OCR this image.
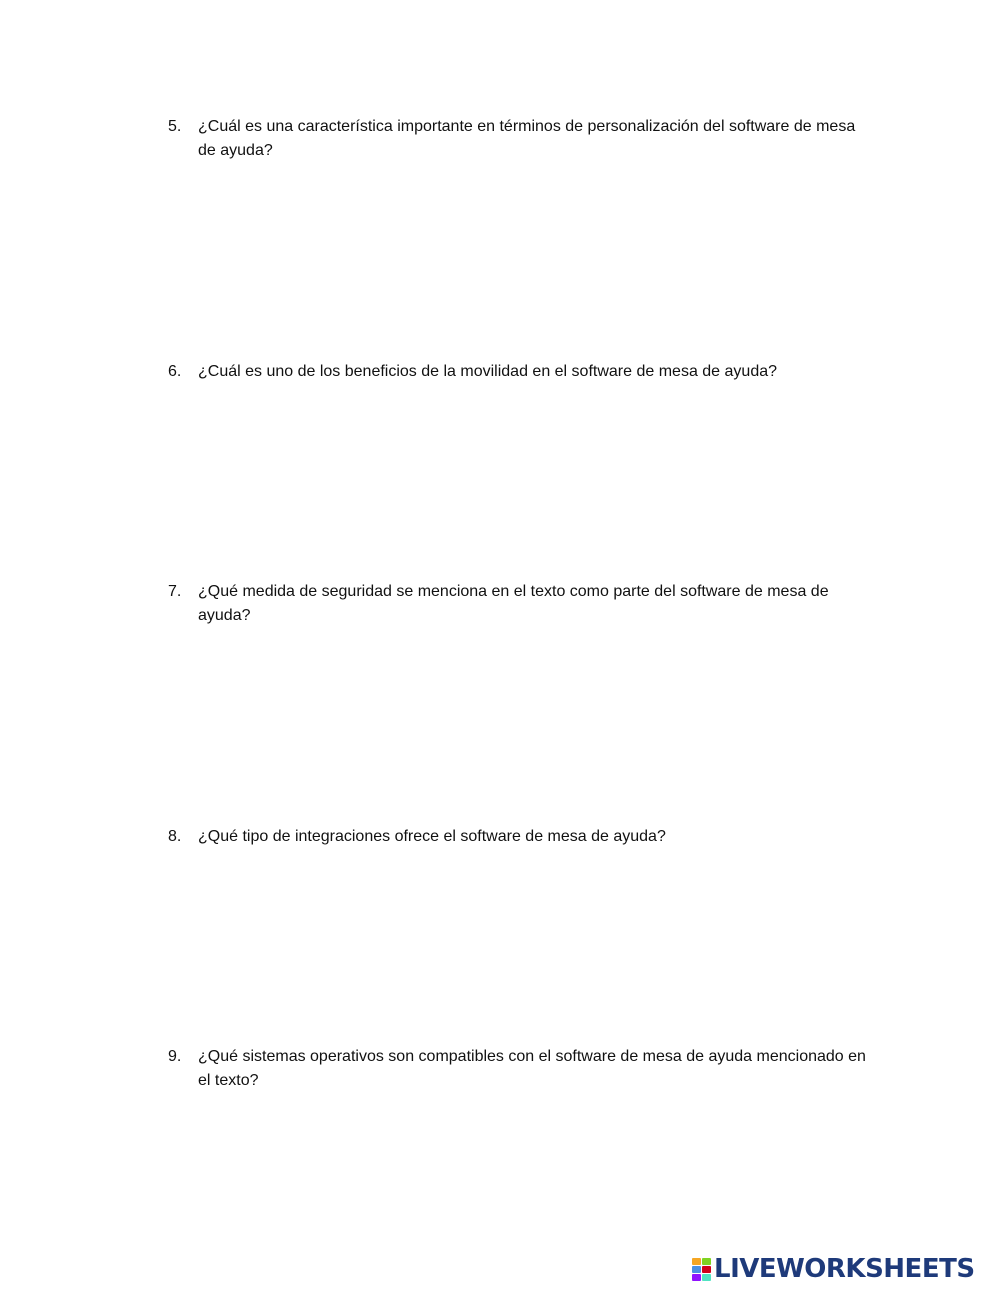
5.	¿Cuál es una característica importante en términos de personalización del software de mesa de ayuda?
6.	¿Cuál es uno de los beneficios de la movilidad en el software de mesa de ayuda?
7.	¿Qué medida de seguridad se menciona en el texto como parte del software de mesa de ayuda?
8.	¿Qué tipo de integraciones ofrece el software de mesa de ayuda?
9.	¿Qué sistemas operativos son compatibles con el software de mesa de ayuda mencionado en el texto?
LIVEWORKSHEETS
